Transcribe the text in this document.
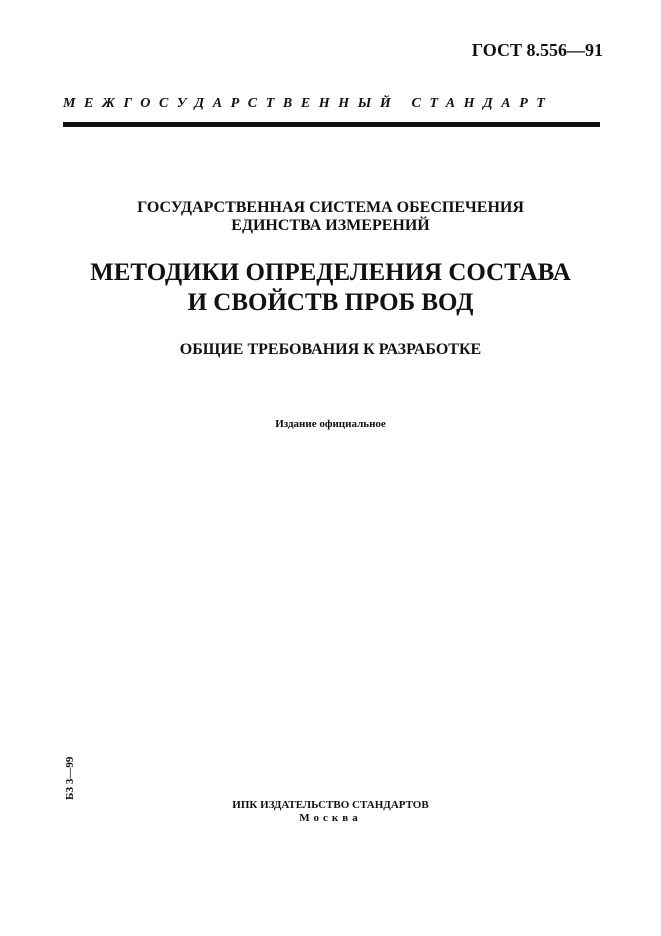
ГОСТ 8.556—91
МЕЖГОСУДАРСТВЕННЫЙ СТАНДАРТ
ГОСУДАРСТВЕННАЯ СИСТЕМА ОБЕСПЕЧЕНИЯ
ЕДИНСТВА ИЗМЕРЕНИЙ
МЕТОДИКИ ОПРЕДЕЛЕНИЯ СОСТАВА
И СВОЙСТВ ПРОБ ВОД
ОБЩИЕ ТРЕБОВАНИЯ К РАЗРАБОТКЕ
Издание официальное
БЗ 3—99
ИПК ИЗДАТЕЛЬСТВО СТАНДАРТОВ
Москва
